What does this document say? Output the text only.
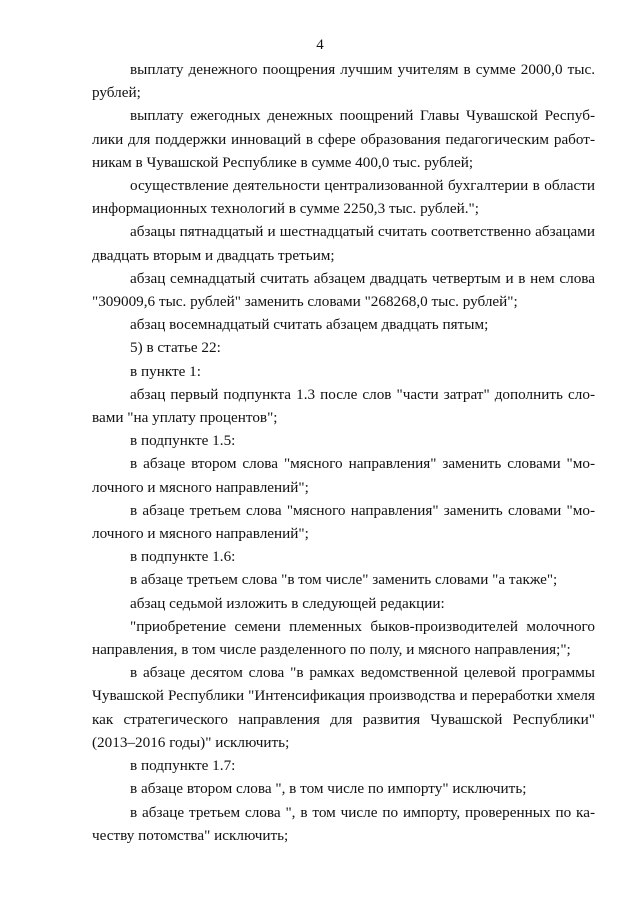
4

выплату денежного поощрения лучшим учителям в сумме 2000,0 тыс. рублей;

выплату ежегодных денежных поощрений Главы Чувашской Республики для поддержки инноваций в сфере образования педагогическим работникам в Чувашской Республике в сумме 400,0 тыс. рублей;

осуществление деятельности централизованной бухгалтерии в области информационных технологий в сумме 2250,3 тыс. рублей.";

абзацы пятнадцатый и шестнадцатый считать соответственно абзацами двадцать вторым и двадцать третьим;

абзац семнадцатый считать абзацем двадцать четвертым и в нем слова "309009,6 тыс. рублей" заменить словами "268268,0 тыс. рублей";

абзац восемнадцатый считать абзацем двадцать пятым;

5) в статье 22:

в пункте 1:

абзац первый подпункта 1.3 после слов "части затрат" дополнить словами "на уплату процентов";

в подпункте 1.5:

в абзаце втором слова "мясного направления" заменить словами "молочного и мясного направлений";

в абзаце третьем слова "мясного направления" заменить словами "молочного и мясного направлений";

в подпункте 1.6:

в абзаце третьем слова "в том числе" заменить словами "а также";

абзац седьмой изложить в следующей редакции:

"приобретение семени племенных быков-производителей молочного направления, в том числе разделенного по полу, и мясного направления;";

в абзаце десятом слова "в рамках ведомственной целевой программы Чувашской Республики "Интенсификация производства и переработки хмеля как стратегического направления для развития Чувашской Республики" (2013–2016 годы)" исключить;

в подпункте 1.7:

в абзаце втором слова ", в том числе по импорту" исключить;

в абзаце третьем слова ", в том числе по импорту, проверенных по качеству потомства" исключить;
